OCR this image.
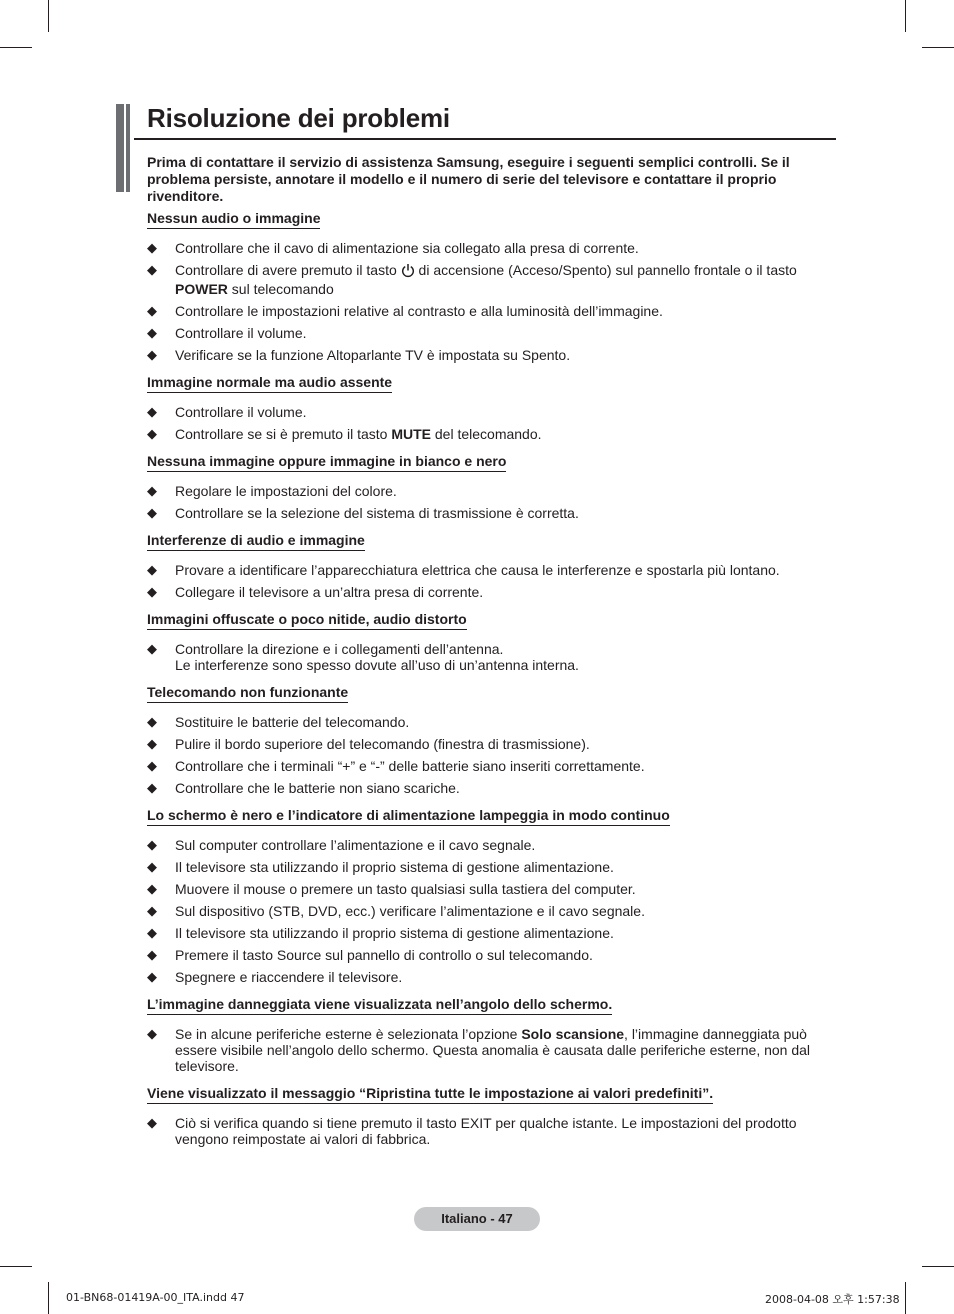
Risoluzione dei problemi

Prima di contattare il servizio di assistenza Samsung, eseguire i seguenti semplici controlli. Se il problema persiste, annotare il modello e il numero di serie del televisore e contattare il proprio rivenditore.

Nessun audio o immagine
◆ Controllare che il cavo di alimentazione sia collegato alla presa di corrente.
◆ Controllare di avere premuto il tasto  di accensione (Acceso/Spento) sul pannello frontale o il tasto POWER sul telecomando
◆ Controllare le impostazioni relative al contrasto e alla luminosità dell’immagine.
◆ Controllare il volume.
◆ Verificare se la funzione Altoparlante TV è impostata su Spento.
Immagine normale ma audio assente
◆ Controllare il volume.
◆ Controllare se si è premuto il tasto MUTE del telecomando.
Nessuna immagine oppure immagine in bianco e nero
◆ Regolare le impostazioni del colore.
◆ Controllare se la selezione del sistema di trasmissione è corretta.
Interferenze di audio e immagine
◆ Provare a identificare l’apparecchiatura elettrica che causa le interferenze e spostarla più lontano.
◆ Collegare il televisore a un’altra presa di corrente.
Immagini offuscate o poco nitide, audio distorto
◆ Controllare la direzione e i collegamenti dell’antenna.
Le interferenze sono spesso dovute all’uso di un’antenna interna.
Telecomando non funzionante
◆ Sostituire le batterie del telecomando.
◆ Pulire il bordo superiore del telecomando (finestra di trasmissione).
◆ Controllare che i terminali “+” e “-” delle batterie siano inseriti correttamente.
◆ Controllare che le batterie non siano scariche.
Lo schermo è nero e l’indicatore di alimentazione lampeggia in modo continuo
◆ Sul computer controllare l’alimentazione e il cavo segnale.
◆ Il televisore sta utilizzando il proprio sistema di gestione alimentazione.
◆ Muovere il mouse o premere un tasto qualsiasi sulla tastiera del computer.
◆ Sul dispositivo (STB, DVD, ecc.) verificare l’alimentazione e il cavo segnale.
◆ Il televisore sta utilizzando il proprio sistema di gestione alimentazione.
◆ Premere il tasto Source sul pannello di controllo o sul telecomando.
◆ Spegnere e riaccendere il televisore.
L’immagine danneggiata viene visualizzata nell’angolo dello schermo.
◆ Se in alcune periferiche esterne è selezionata l’opzione Solo scansione, l’immagine danneggiata può essere visibile nell’angolo dello schermo. Questa anomalia è causata dalle periferiche esterne, non dal televisore.
Viene visualizzato il messaggio “Ripristina tutte le impostazione ai valori predefiniti”.
◆ Ciò si verifica quando si tiene premuto il tasto EXIT per qualche istante. Le impostazioni del prodotto vengono reimpostate ai valori di fabbrica.
Italiano - 47
01-BN68-01419A-00_ITA.indd 47	2008-04-08 오후 1:57:38
